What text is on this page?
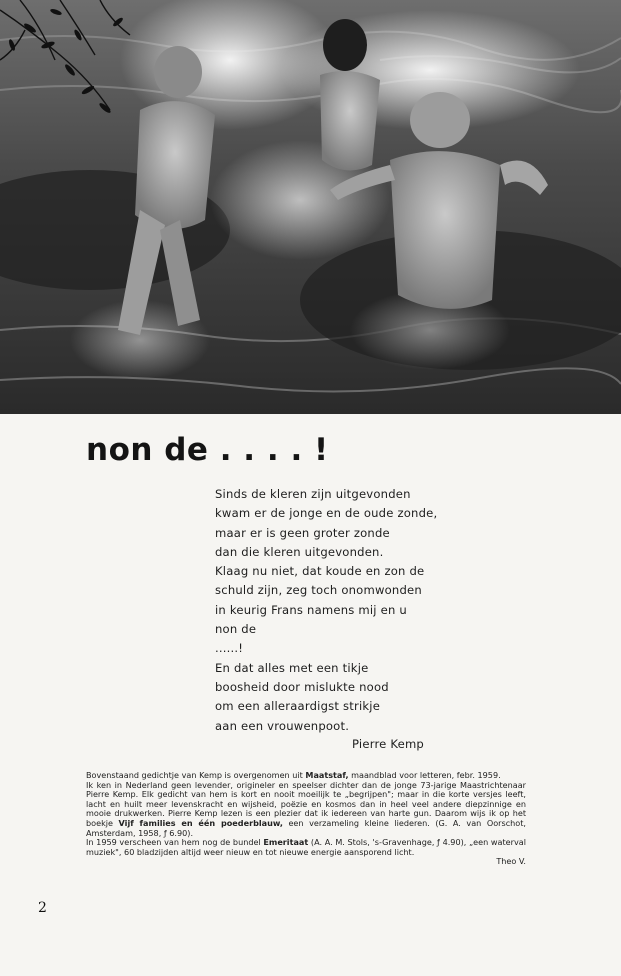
non de . . . . !
Sinds de kleren zijn uitgevonden
kwam er de jonge en de oude zonde,
maar er is geen groter zonde
dan die kleren uitgevonden.
Klaag nu niet, dat koude en zon de
schuld zijn, zeg toch onomwonden
in keurig Frans namens mij en u
non de
......!
En dat alles met een tikje
boosheid door mislukte nood
om een alleraardigst strikje
aan een vrouwenpoot.
Pierre Kemp

Bovenstaand gedichtje van Kemp is overgenomen uit Maatstaf, maandblad voor letteren, febr. 1959.

Ik ken in Nederland geen levender, origineler en speelser dichter dan de jonge 73-jarige Maastrichtenaar Pierre Kemp. Elk gedicht van hem is kort en nooit moeilijk te „begrijpen"; maar in die korte versjes leeft, lacht en huilt meer levenskracht en wijsheid, poëzie en kosmos dan in heel veel andere diepzinnige en mooie drukwerken. Pierre Kemp lezen is een plezier dat ik iedereen van harte gun. Daarom wijs ik op het boekje Vijf families en één poederblauw, een verzameling kleine liederen. (G. A. van Oorschot, Amsterdam, 1958, ƒ 6.90).

In 1959 verscheen van hem nog de bundel Emeritaat (A. A. M. Stols, 's-Gravenhage, ƒ 4.90), „een waterval muziek", 60 bladzijden altijd weer nieuw en tot nieuwe energie aansporend licht.

Theo V.
2
